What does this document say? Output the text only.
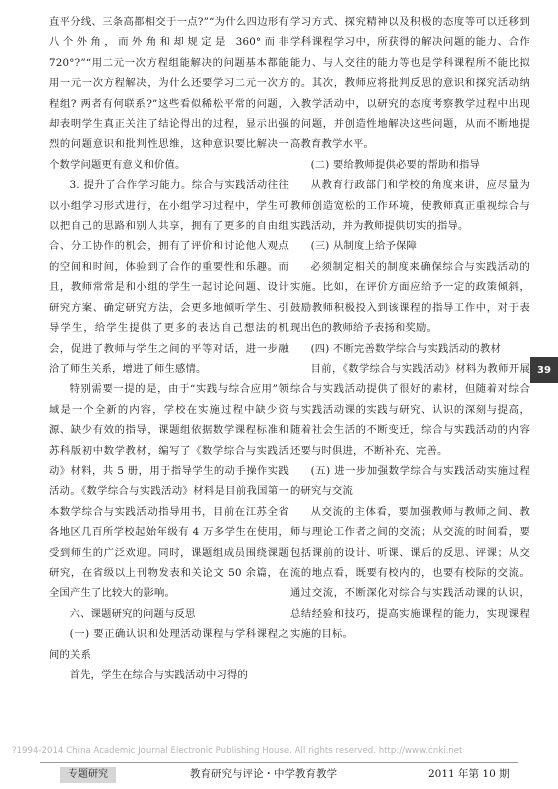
直平分线、三条高都相交于一点?”“为什么四边形有八个外角，而外角和却规定是 360°而非 720°?”“用二元一次方程组能解决的问题基本都能用一元一次方程解决，为什么还要学习二元一次方程组? 两者有何联系?”这些看似稀松平常的问题，却表明学生真正关注了结论得出的过程，显示出强烈的问题意识和批判性思维，这种意识要比解决一个数学问题更有意义和价值。

3. 提升了合作学习能力。综合与实践活动往往以小组学习形式进行，在小组学习过程中，学生可以把自己的思路和别人共享，拥有了更多的自由组合、分工协作的机会，拥有了评价和讨论他人观点的空间和时间，体验到了合作的重要性和乐趣。而且，教师常常是和小组的学生一起讨论问题、设计研究方案、确定研究方法，会更多地倾听学生、引导学生，给学生提供了更多的表达自己想法的机会，促进了教师与学生之间的平等对话，进一步融洽了师生关系，增进了师生感情。

特别需要一提的是，由于“实践与综合应用”领域是一个全新的内容，学校在实施过程中缺少资源、缺少有效的指导，课题组依据数学课程标准和苏科版初中数学教材，编写了《数学综合与实践活动》材料，共 5 册，用于指导学生的动手操作实践活动。《数学综合与实践活动》材料是目前我国第一本数学综合与实践活动指导用书，目前在江苏全省各地区几百所学校起始年级有 4 万多学生在使用，受到师生的广泛欢迎。同时，课题组成员围绕课题研究，在省级以上刊物发表和关论文 50 余篇，在全国产生了比较大的影响。

六、课题研究的问题与反思

(一) 要正确认识和处理活动课程与学科课程之间的关系

首先，学生在综合与实践活动中习得的

学习方式、探究精神以及积极的态度等可以迁移到学科课程学习中，所获得的解决问题的能力、合作能力、与人交往的能力等也是学科课程所不能比拟的。其次，教师应将批判反思的意识和探究活动纳入教学活动中，以研究的态度考察教学过程中出现的问题，并创造性地解决这些问题，从而不断地提高教育教学水平。

(二) 要给教师提供必要的帮助和指导

从教育行政部门和学校的角度来讲，应尽量为教师创造宽松的工作环境，使教师真正重视综合与实践活动，并为教师提供切实的指导。

(三) 从制度上给予保障

必须制定相关的制度来确保综合与实践活动的实施。比如，在评价方面应给予一定的政策倾斜，鼓励教师积极投入到该课程的指导工作中，对于表现出色的教师给予表扬和奖励。

(四) 不断完善数学综合与实践活动的教材

目前，《数学综合与实践活动》材料为教师开展综合与实践活动提供了很好的素材，但随着对综合与实践活动课的实践与研究、认识的深刻与提高，随着社会生活的不断变迁，综合与实践活动的内容还要与时俱进，不断补充、完善。

(五) 进一步加强数学综合与实践活动实施过程的研究与交流

从交流的主体看，要加强教师与教师之间、教师与理论工作者之间的交流；从交流的时间看，要包括课前的设计、听课、课后的反思、评课；从交流的地点看，既要有校内的，也要有校际的交流。通过交流，不断深化对综合与实践活动课的认识，总结经验和技巧，提高实施课程的能力，实现课程实施的目标。

39
?1994-2014 China Academic Journal Electronic Publishing House. All rights reserved. http://www.cnki.net
专题研究	教育研究与评论・中学教育教学	2011 年第 10 期
